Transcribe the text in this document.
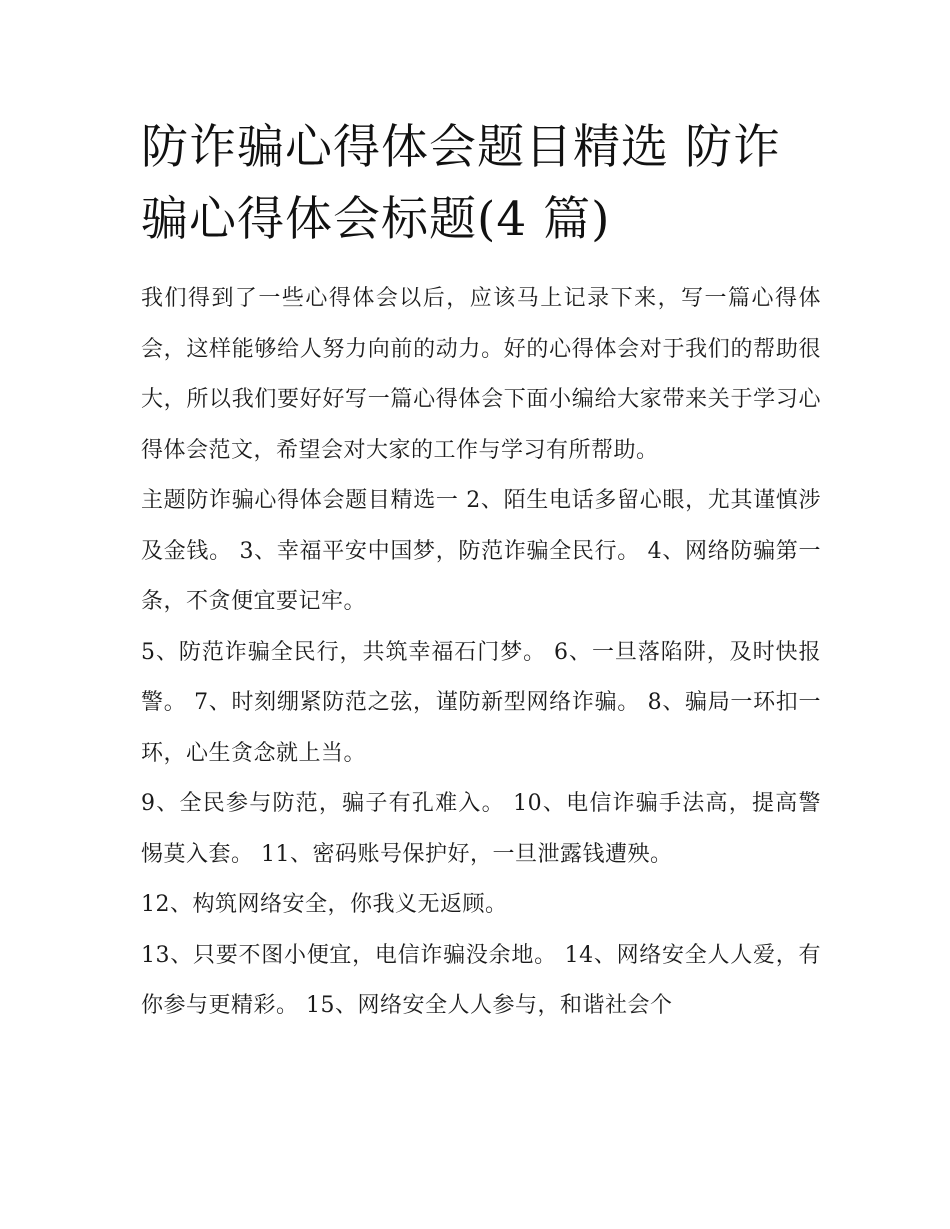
防诈骗心得体会题目精选 防诈骗心得体会标题(4 篇)

我们得到了一些心得体会以后，应该马上记录下来，写一篇心得体会，这样能够给人努力向前的动力。好的心得体会对于我们的帮助很大，所以我们要好好写一篇心得体会下面小编给大家带来关于学习心得体会范文，希望会对大家的工作与学习有所帮助。

主题防诈骗心得体会题目精选一 2、陌生电话多留心眼，尤其谨慎涉及金钱。 3、幸福平安中国梦，防范诈骗全民行。 4、网络防骗第一条，不贪便宜要记牢。

5、防范诈骗全民行，共筑幸福石门梦。 6、一旦落陷阱，及时快报警。 7、时刻绷紧防范之弦，谨防新型网络诈骗。 8、骗局一环扣一环，心生贪念就上当。

9、全民参与防范，骗子有孔难入。 10、电信诈骗手法高，提高警惕莫入套。 11、密码账号保护好，一旦泄露钱遭殃。

12、构筑网络安全，你我义无返顾。

13、只要不图小便宜，电信诈骗没余地。 14、网络安全人人爱，有你参与更精彩。 15、网络安全人人参与，和谐社会个
